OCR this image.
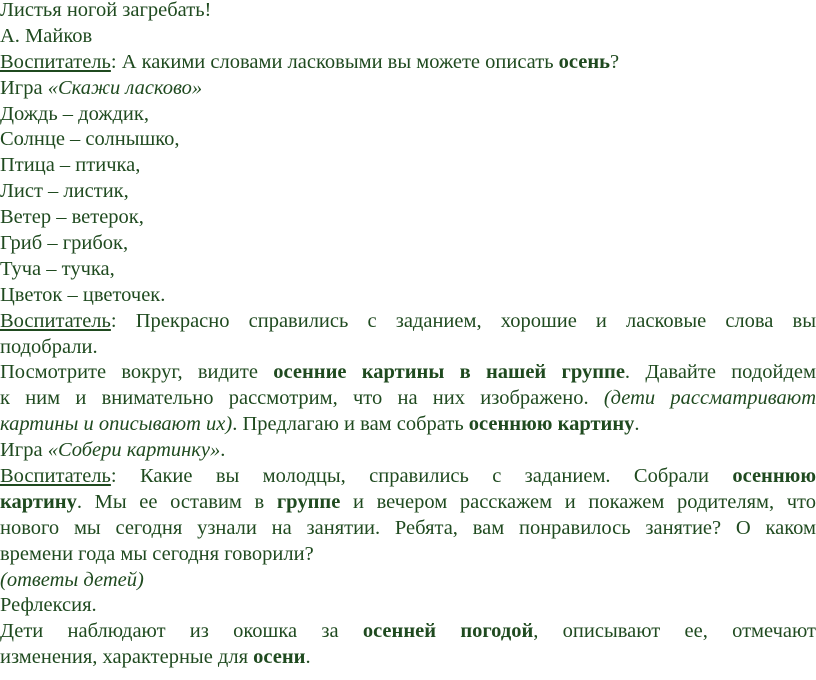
Листья ногой загребать!
А. Майков
Воспитатель: А какими словами ласковыми вы можете описать осень?
Игра «Скажи ласково»
Дождь – дождик,
Солнце – солнышко,
Птица – птичка,
Лист – листик,
Ветер – ветерок,
Гриб – грибок,
Туча – тучка,
Цветок – цветочек.
Воспитатель: Прекрасно справились с заданием, хорошие и ласковые слова вы
подобрали.
Посмотрите вокруг, видите осенние картины в нашей группе. Давайте подойдем
к ним и внимательно рассмотрим, что на них изображено. (дети рассматривают
картины и описывают их). Предлагаю и вам собрать осеннюю картину.
Игра «Собери картинку».
Воспитатель: Какие вы молодцы, справились с заданием. Собрали осеннюю
картину. Мы ее оставим в группе и вечером расскажем и покажем родителям, что
нового мы сегодня узнали на занятии. Ребята, вам понравилось занятие? О каком
времени года мы сегодня говорили?
(ответы детей)
Рефлексия.
Дети наблюдают из окошка за осенней погодой, описывают ее, отмечают
изменения, характерные для осени.
